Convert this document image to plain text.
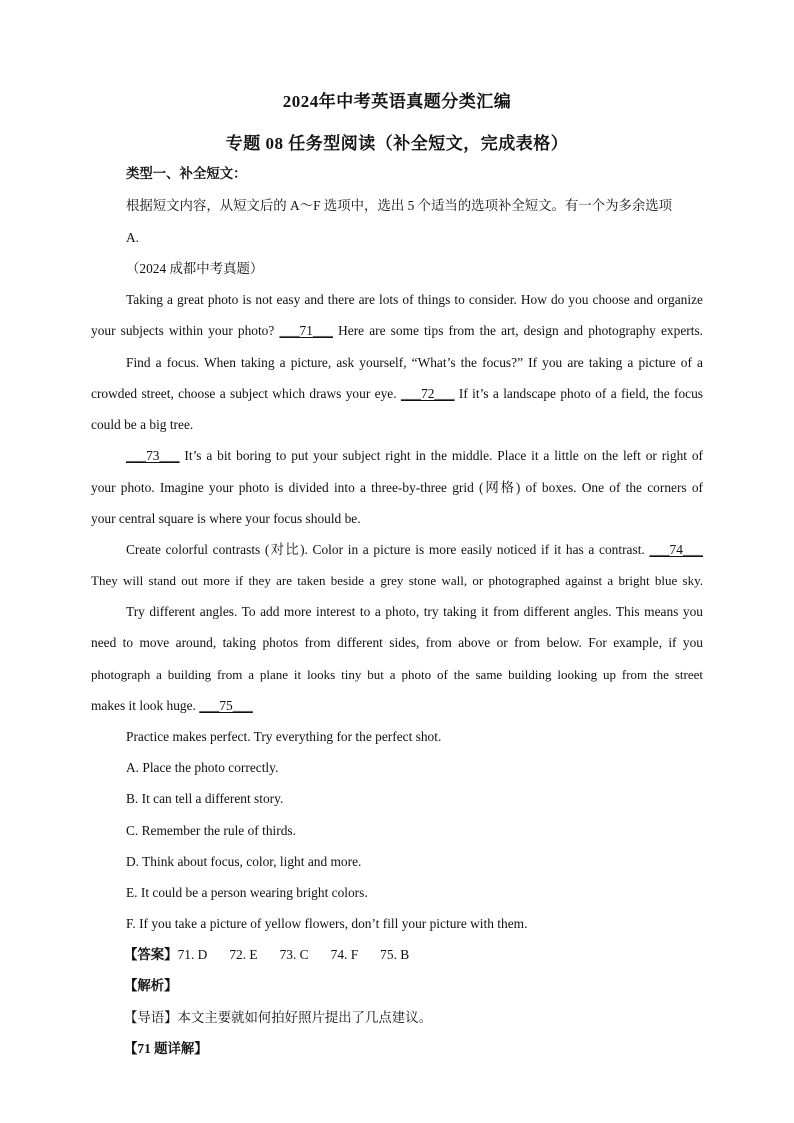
2024年中考英语真题分类汇编
专题 08 任务型阅读（补全短文，完成表格）
类型一、补全短文：
根据短文内容，从短文后的 A～F 选项中，选出 5 个适当的选项补全短文。有一个为多余选项
A.
（2024 成都中考真题）
Taking a great photo is not easy and there are lots of things to consider. How do you choose and organize
your subjects within your photo? ___71___ Here are some tips from the art, design and photography experts.
Find a focus. When taking a picture, ask yourself, “What’s the focus?” If you are taking a picture of a
crowded street, choose a subject which draws your eye. ___72___ If it’s a landscape photo of a field, the focus
could be a big tree.
___73___ It’s a bit boring to put your subject right in the middle. Place it a little on the left or right of
your photo. Imagine your photo is divided into a three-by-three grid (网格) of boxes. One of the corners of
your central square is where your focus should be.
Create colorful contrasts (对比). Color in a picture is more easily noticed if it has a contrast. ___74___
They will stand out more if they are taken beside a grey stone wall, or photographed against a bright blue sky.
Try different angles. To add more interest to a photo, try taking it from different angles. This means you
need to move around, taking photos from different sides, from above or from below. For example, if you
photograph a building from a plane it looks tiny but a photo of the same building looking up from the street
makes it look huge. ___75___
Practice makes perfect. Try everything for the perfect shot.
A. Place the photo correctly.
B. It can tell a different story.
C. Remember the rule of thirds.
D. Think about focus, color, light and more.
E. It could be a person wearing bright colors.
F. If you take a picture of yellow flowers, don’t fill your picture with them.
【答案】71. D 72. E 73. C 74. F 75. B
【解析】
【导语】本文主要就如何拍好照片提出了几点建议。
【71 题详解】
